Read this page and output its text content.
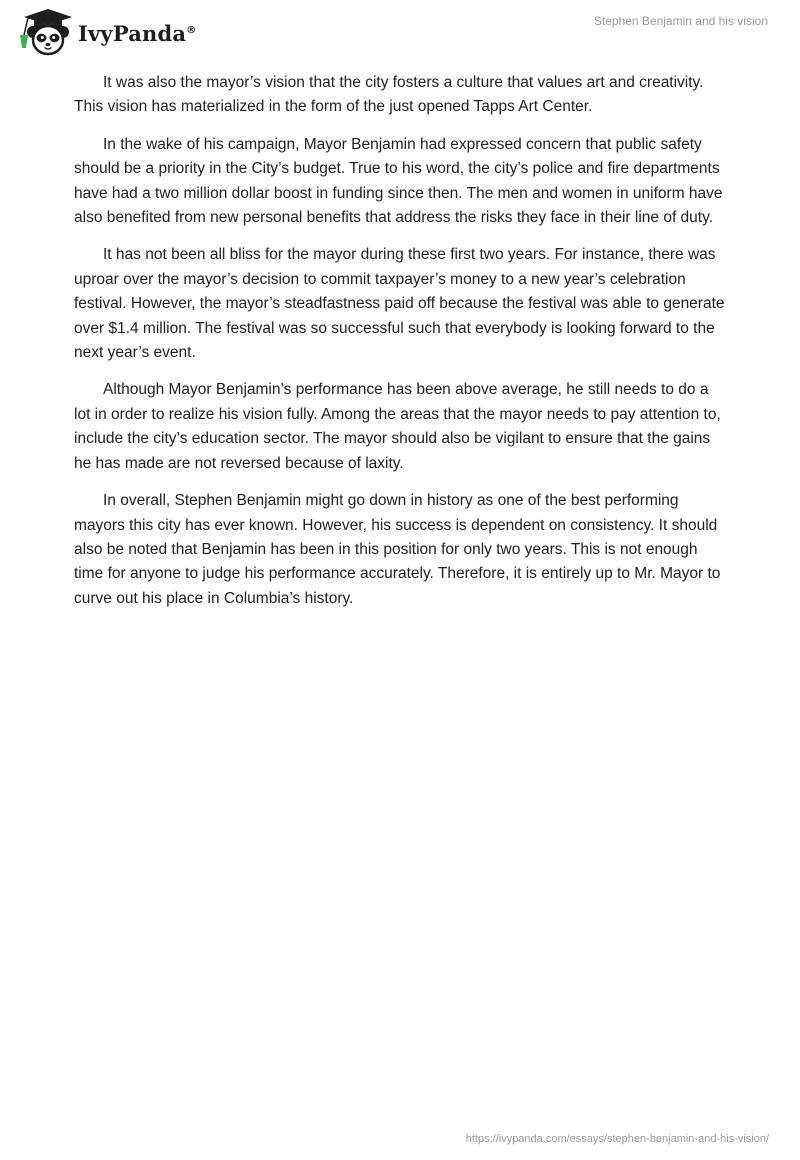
IvyPanda®
Stephen Benjamin and his vision

It was also the mayor’s vision that the city fosters a culture that values art and creativity. This vision has materialized in the form of the just opened Tapps Art Center.

In the wake of his campaign, Mayor Benjamin had expressed concern that public safety should be a priority in the City’s budget. True to his word, the city’s police and fire departments have had a two million dollar boost in funding since then. The men and women in uniform have also benefited from new personal benefits that address the risks they face in their line of duty.

It has not been all bliss for the mayor during these first two years. For instance, there was uproar over the mayor’s decision to commit taxpayer’s money to a new year’s celebration festival. However, the mayor’s steadfastness paid off because the festival was able to generate over $1.4 million. The festival was so successful such that everybody is looking forward to the next year’s event.

Although Mayor Benjamin’s performance has been above average, he still needs to do a lot in order to realize his vision fully. Among the areas that the mayor needs to pay attention to, include the city’s education sector. The mayor should also be vigilant to ensure that the gains he has made are not reversed because of laxity.

In overall, Stephen Benjamin might go down in history as one of the best performing mayors this city has ever known. However, his success is dependent on consistency. It should also be noted that Benjamin has been in this position for only two years. This is not enough time for anyone to judge his performance accurately. Therefore, it is entirely up to Mr. Mayor to curve out his place in Columbia’s history.

https://ivypanda.com/essays/stephen-benjamin-and-his-vision/
